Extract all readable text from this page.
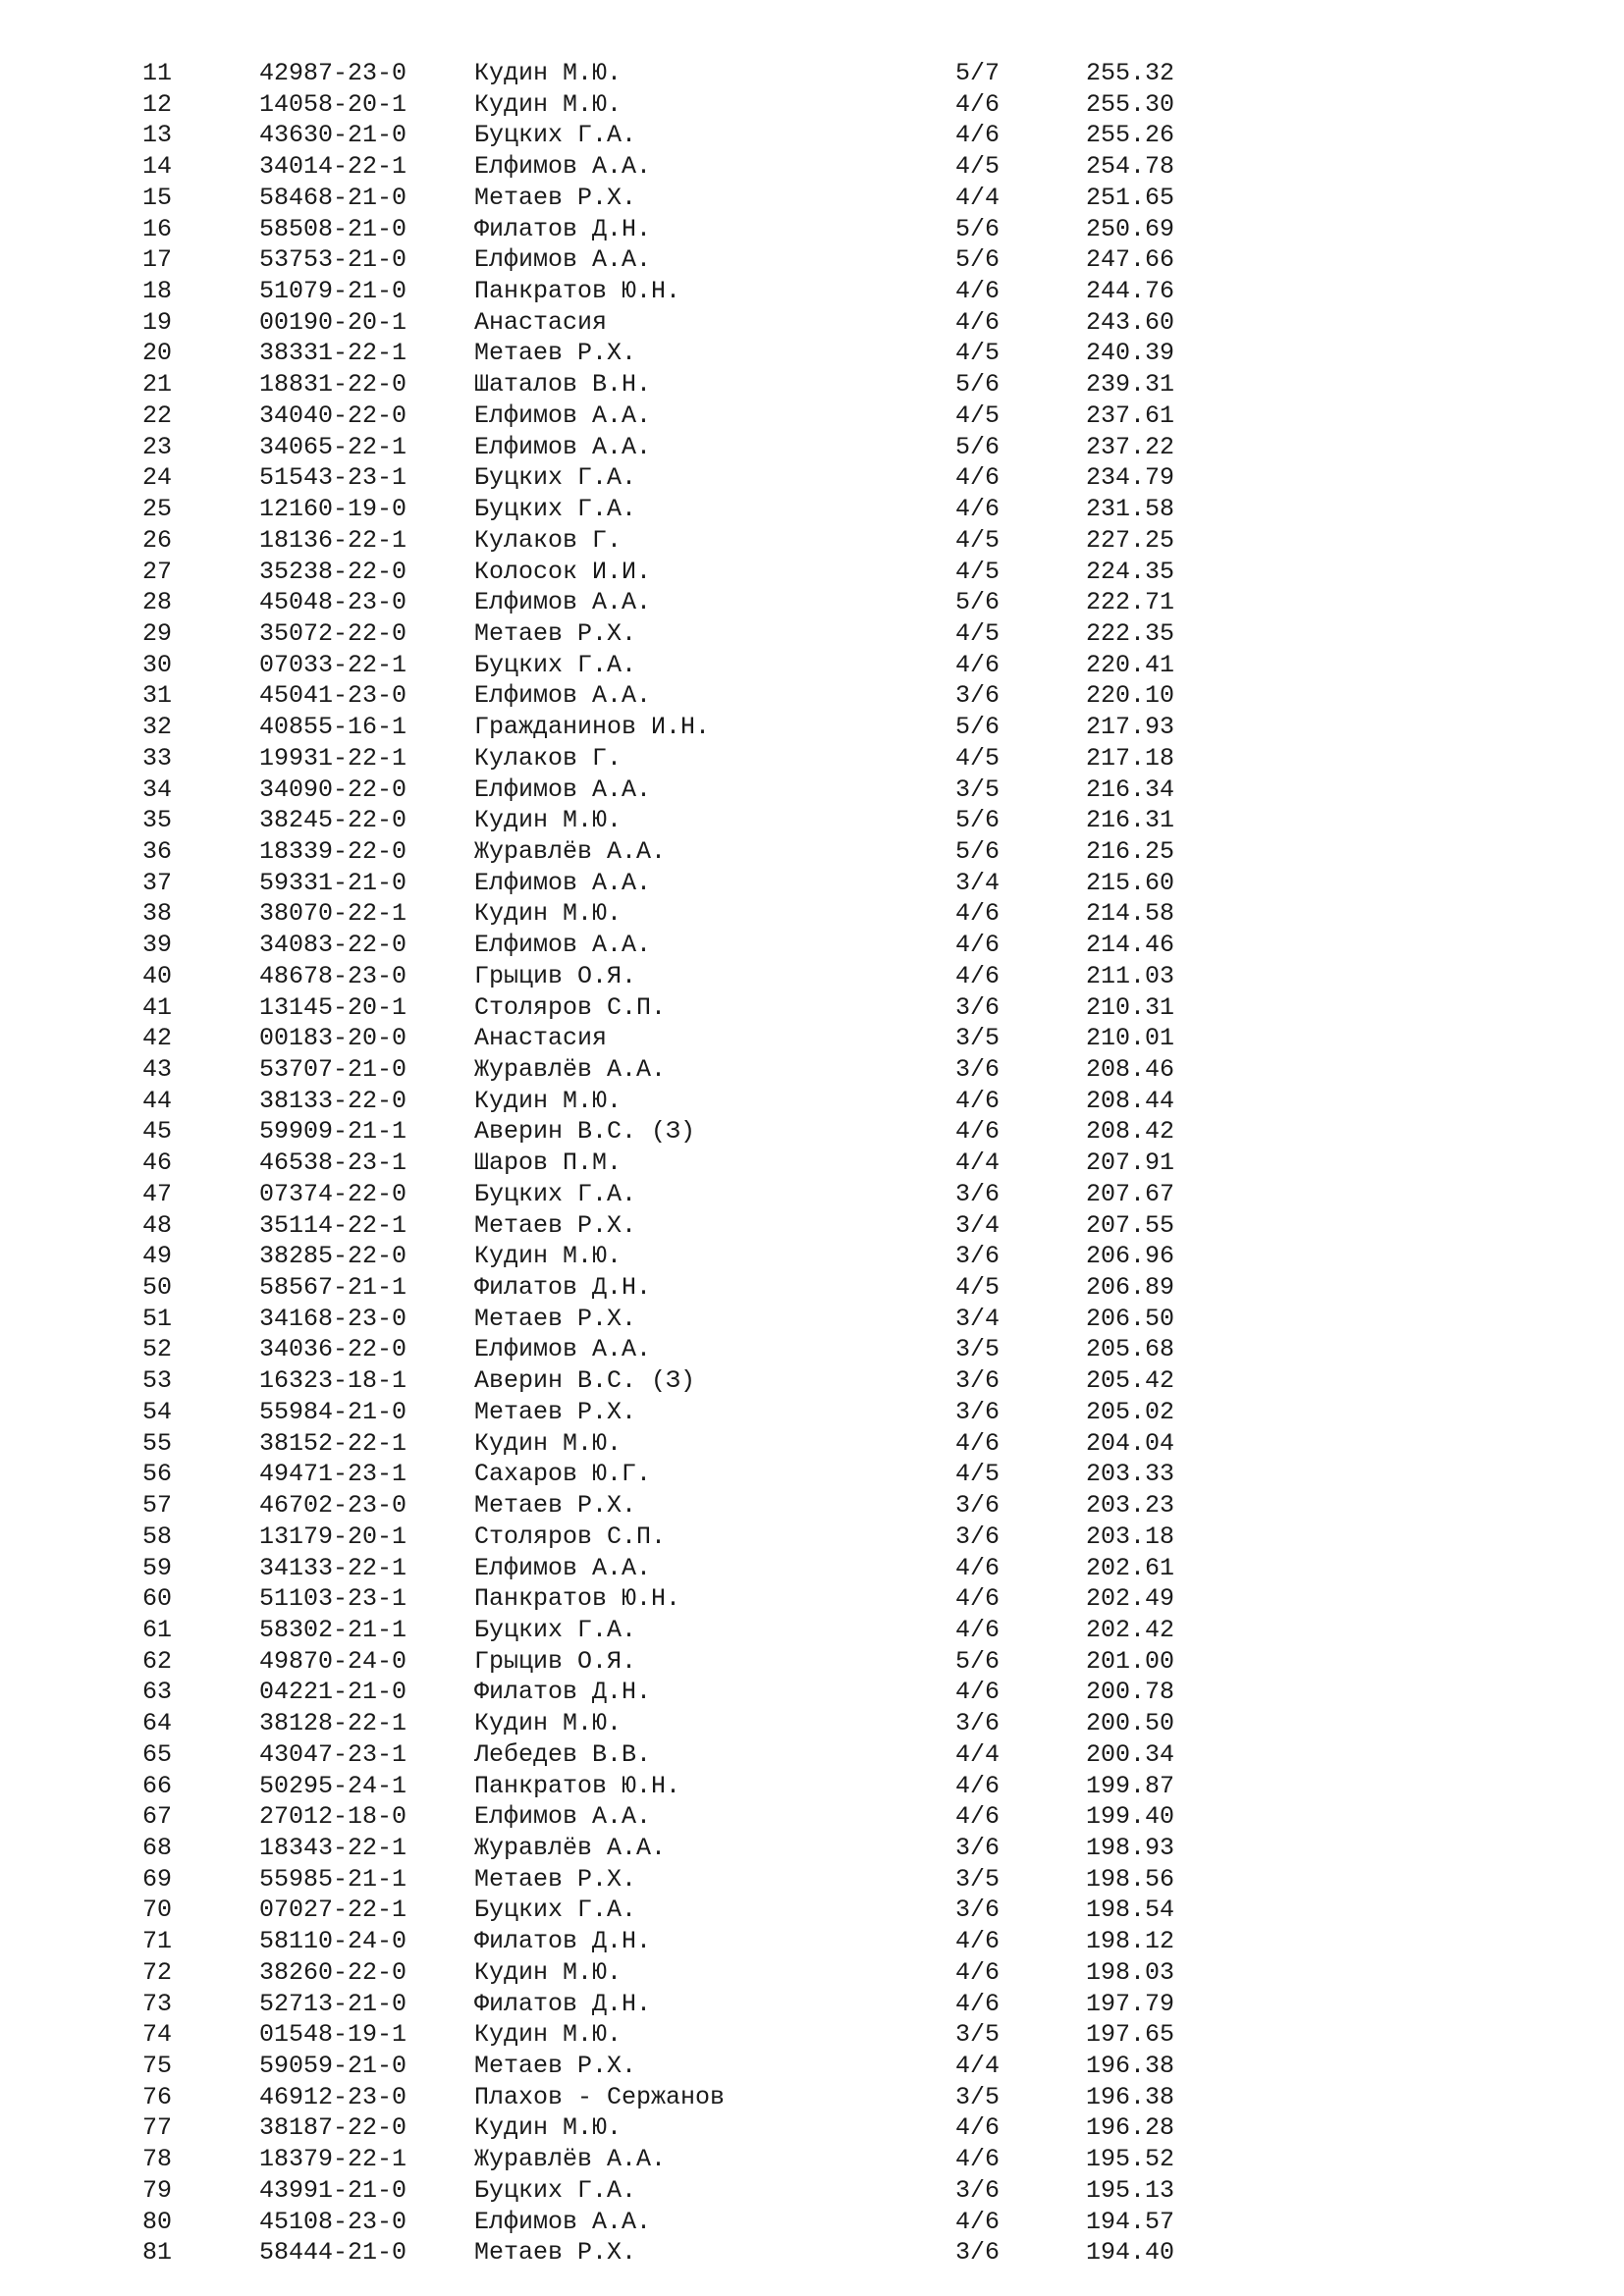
11	42987-23-0	Кудин М.Ю.	5/7	255.32
12	14058-20-1	Кудин М.Ю.	4/6	255.30
13	43630-21-0	Буцких Г.А.	4/6	255.26
14	34014-22-1	Елфимов А.А.	4/5	254.78
15	58468-21-0	Метаев Р.Х.	4/4	251.65
16	58508-21-0	Филатов Д.Н.	5/6	250.69
17	53753-21-0	Елфимов А.А.	5/6	247.66
18	51079-21-0	Панкратов Ю.Н.	4/6	244.76
19	00190-20-1	Анастасия	4/6	243.60
20	38331-22-1	Метаев Р.Х.	4/5	240.39
21	18831-22-0	Шаталов В.Н.	5/6	239.31
22	34040-22-0	Елфимов А.А.	4/5	237.61
23	34065-22-1	Елфимов А.А.	5/6	237.22
24	51543-23-1	Буцких Г.А.	4/6	234.79
25	12160-19-0	Буцких Г.А.	4/6	231.58
26	18136-22-1	Кулаков Г.	4/5	227.25
27	35238-22-0	Колосок И.И.	4/5	224.35
28	45048-23-0	Елфимов А.А.	5/6	222.71
29	35072-22-0	Метаев Р.Х.	4/5	222.35
30	07033-22-1	Буцких Г.А.	4/6	220.41
31	45041-23-0	Елфимов А.А.	3/6	220.10
32	40855-16-1	Гражданинов И.Н.	5/6	217.93
33	19931-22-1	Кулаков Г.	4/5	217.18
34	34090-22-0	Елфимов А.А.	3/5	216.34
35	38245-22-0	Кудин М.Ю.	5/6	216.31
36	18339-22-0	Журавлёв А.А.	5/6	216.25
37	59331-21-0	Елфимов А.А.	3/4	215.60
38	38070-22-1	Кудин М.Ю.	4/6	214.58
39	34083-22-0	Елфимов А.А.	4/6	214.46
40	48678-23-0	Грыцив О.Я.	4/6	211.03
41	13145-20-1	Столяров С.П.	3/6	210.31
42	00183-20-0	Анастасия	3/5	210.01
43	53707-21-0	Журавлёв А.А.	3/6	208.46
44	38133-22-0	Кудин М.Ю.	4/6	208.44
45	59909-21-1	Аверин В.С. (З)	4/6	208.42
46	46538-23-1	Шаров П.М.	4/4	207.91
47	07374-22-0	Буцких Г.А.	3/6	207.67
48	35114-22-1	Метаев Р.Х.	3/4	207.55
49	38285-22-0	Кудин М.Ю.	3/6	206.96
50	58567-21-1	Филатов Д.Н.	4/5	206.89
51	34168-23-0	Метаев Р.Х.	3/4	206.50
52	34036-22-0	Елфимов А.А.	3/5	205.68
53	16323-18-1	Аверин В.С. (З)	3/6	205.42
54	55984-21-0	Метаев Р.Х.	3/6	205.02
55	38152-22-1	Кудин М.Ю.	4/6	204.04
56	49471-23-1	Сахаров Ю.Г.	4/5	203.33
57	46702-23-0	Метаев Р.Х.	3/6	203.23
58	13179-20-1	Столяров С.П.	3/6	203.18
59	34133-22-1	Елфимов А.А.	4/6	202.61
60	51103-23-1	Панкратов Ю.Н.	4/6	202.49
61	58302-21-1	Буцких Г.А.	4/6	202.42
62	49870-24-0	Грыцив О.Я.	5/6	201.00
63	04221-21-0	Филатов Д.Н.	4/6	200.78
64	38128-22-1	Кудин М.Ю.	3/6	200.50
65	43047-23-1	Лебедев В.В.	4/4	200.34
66	50295-24-1	Панкратов Ю.Н.	4/6	199.87
67	27012-18-0	Елфимов А.А.	4/6	199.40
68	18343-22-1	Журавлёв А.А.	3/6	198.93
69	55985-21-1	Метаев Р.Х.	3/5	198.56
70	07027-22-1	Буцких Г.А.	3/6	198.54
71	58110-24-0	Филатов Д.Н.	4/6	198.12
72	38260-22-0	Кудин М.Ю.	4/6	198.03
73	52713-21-0	Филатов Д.Н.	4/6	197.79
74	01548-19-1	Кудин М.Ю.	3/5	197.65
75	59059-21-0	Метаев Р.Х.	4/4	196.38
76	46912-23-0	Плахов - Сержанов	3/5	196.38
77	38187-22-0	Кудин М.Ю.	4/6	196.28
78	18379-22-1	Журавлёв А.А.	4/6	195.52
79	43991-21-0	Буцких Г.А.	3/6	195.13
80	45108-23-0	Елфимов А.А.	4/6	194.57
81	58444-21-0	Метаев Р.Х.	3/6	194.40
